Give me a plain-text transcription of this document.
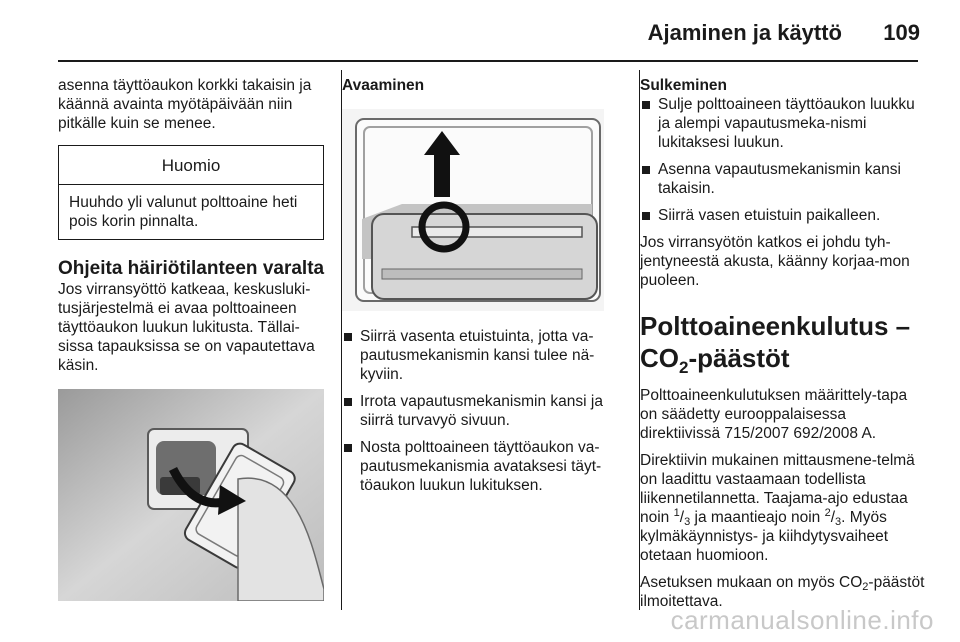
Ajaminen ja käyttö 109

asenna täyttöaukon korkki takaisin ja käännä avainta myötäpäivään niin pitkälle kuin se menee.

Huomio
Huuhdo yli valunut polttoaine heti pois korin pinnalta.
Ohjeita häiriötilanteen varalta

Jos virransyöttö katkeaa, keskusluki-tusjärjestelmä ei avaa polttoaineen täyttöaukon luukun lukitusta. Tällai-sissa tapauksissa se on vapautettava käsin.

Avaaminen
Siirrä vasenta etuistuinta, jotta va-pautusmekanismin kansi tulee nä-kyviin.
Irrota vapautusmekanismin kansi ja siirrä turvavyö sivuun.
Nosta polttoaineen täyttöaukon va-pautusmekanismia avataksesi täyt-töaukon luukun lukituksen.
Sulkeminen
Sulje polttoaineen täyttöaukon luukku ja alempi vapautusmeka-nismi lukitaksesi luukun.
Asenna vapautusmekanismin kansi takaisin.
Siirrä vasen etuistuin paikalleen.

Jos virransyötön katkos ei johdu tyh-jentyneestä akusta, käänny korjaa-mon puoleen.

Polttoaineenkulutus –
$CO_2$-päästöt

Polttoaineenkulutuksen määrittely-tapa on säädetty eurooppalaisessa direktiivissä 715/2007 692/2008 A.

Direktiivin mukainen mittausmene-telmä on laadittu vastaamaan todellista liikennetilannetta. Taajama-ajo edustaa noin $^1$/3 ja maantieajo noin $^2$/3. Myös kylmäkäynnistys- ja kiihdytysvaiheet otetaan huomioon.

Asetuksen mukaan on myös CO2-päästöt ilmoitettava.

carmanualsonline.info
